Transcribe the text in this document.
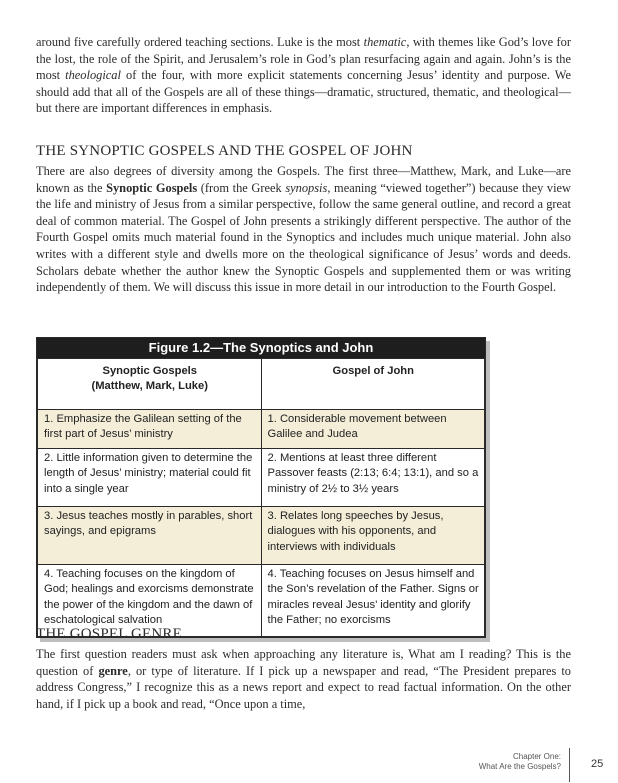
around five carefully ordered teaching sections. Luke is the most thematic, with themes like God’s love for the lost, the role of the Spirit, and Jerusalem’s role in God’s plan resurfacing again and again. John’s is the most theological of the four, with more explicit statements concerning Jesus’ identity and purpose. We should add that all of the Gospels are all of these things—dramatic, structured, thematic, and theological—but there are important differences in emphasis.

THE SYNOPTIC GOSPELS AND THE GOSPEL OF JOHN

There are also degrees of diversity among the Gospels. The first three—Matthew, Mark, and Luke—are known as the Synoptic Gospels (from the Greek synopsis, meaning “viewed together”) because they view the life and ministry of Jesus from a similar perspective, follow the same general outline, and record a great deal of common material. The Gospel of John presents a strikingly different perspective. The author of the Fourth Gospel omits much material found in the Synoptics and includes much unique material. John also writes with a different style and dwells more on the theological significance of Jesus’ words and deeds. Scholars debate whether the author knew the Synoptic Gospels and supplemented them or was writing independently of them. We will discuss this issue in more detail in our introduction to the Fourth Gospel.

Figure 1.2—The Synoptics and John
Synoptic Gospels
(Matthew, Mark, Luke)	Gospel of John
1. Emphasize the Galilean setting of the first part of Jesus’ ministry	1. Considerable movement between Galilee and Judea
2. Little information given to determine the length of Jesus’ ministry; material could fit into a single year	2. Mentions at least three different Passover feasts (2:13; 6:4; 13:1), and so a ministry of 2½ to 3½ years
3. Jesus teaches mostly in parables, short sayings, and epigrams	3. Relates long speeches by Jesus, dialogues with his opponents, and interviews with individuals
4. Teaching focuses on the kingdom of God; healings and exorcisms demonstrate the power of the kingdom and the dawn of eschatological salvation	4. Teaching focuses on Jesus himself and the Son’s revelation of the Father. Signs or miracles reveal Jesus’ identity and glorify the Father; no exorcisms
THE GOSPEL GENRE

The first question readers must ask when approaching any literature is, What am I reading? This is the question of genre, or type of literature. If I pick up a newspaper and read, “The President prepares to address Congress,” I recognize this as a news report and expect to read factual information. On the other hand, if I pick up a book and read, “Once upon a time,

Chapter One:
What Are the Gospels?	25
